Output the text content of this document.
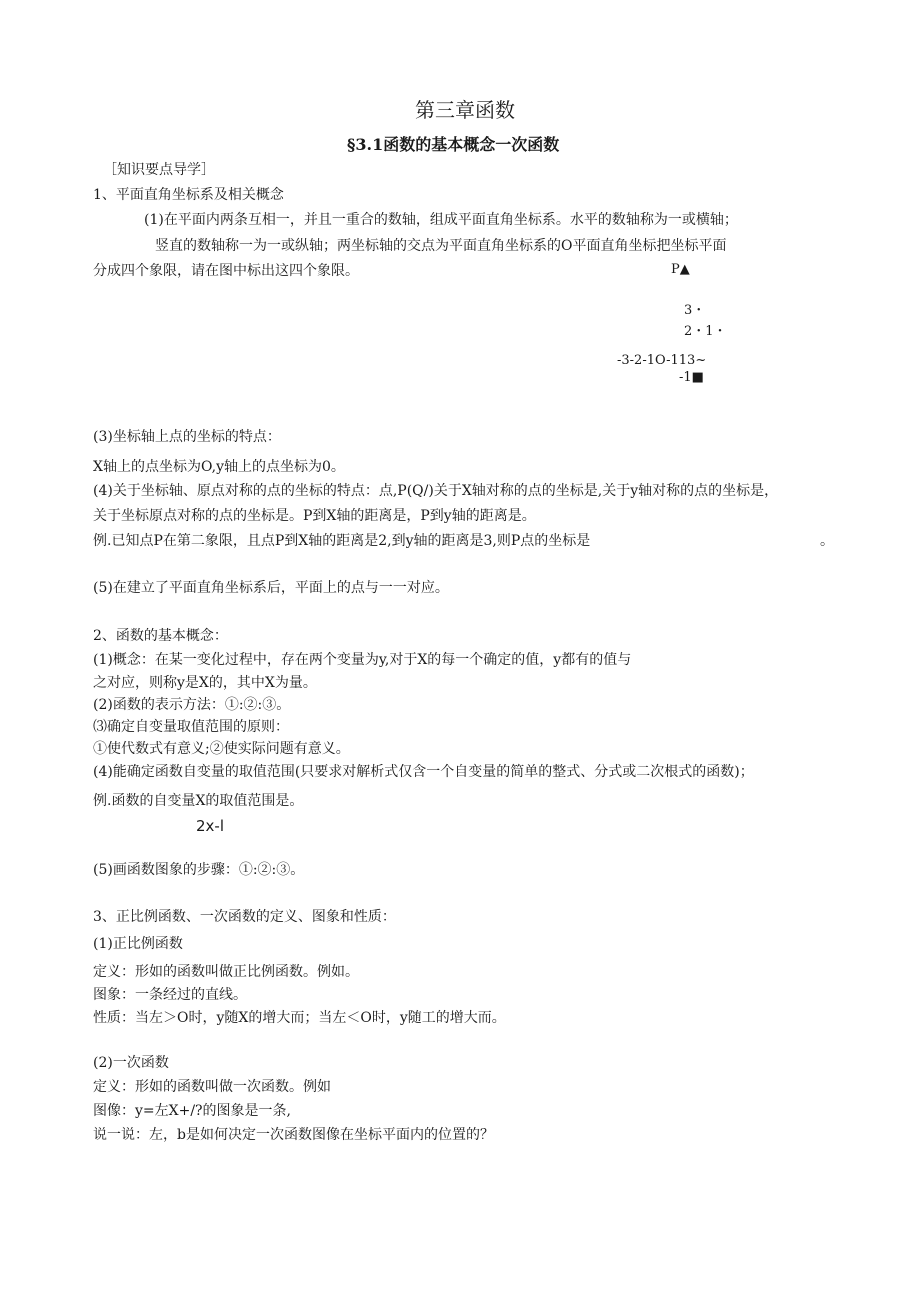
第三章函数
§3.1函数的基本概念一次函数
［知识要点导学］
1、平面直角坐标系及相关概念
(1)在平面内两条互相一，并且一重合的数轴，组成平面直角坐标系。水平的数轴称为一或横轴；
竖直的数轴称一为一或纵轴；两坐标轴的交点为平面直角坐标系的O平面直角坐标把坐标平面
分成四个象限，请在图中标出这四个象限。	P▲
3・
2・1・
-3-2-1O-113~
-1■
(3)坐标轴上点的坐标的特点：
X轴上的点坐标为O,y轴上的点坐标为0。
(4)关于坐标轴、原点对称的点的坐标的特点：点,P(Q/)关于X轴对称的点的坐标是,关于y轴对称的点的坐标是，
关于坐标原点对称的点的坐标是。P到X轴的距离是，P到y轴的距离是。
例.已知点P在第二象限，且点P到X轴的距离是2,到y轴的距离是3,则P点的坐标是	。
(5)在建立了平面直角坐标系后，平面上的点与一一对应。
2、函数的基本概念：
(1)概念：在某一变化过程中，存在两个变量为y,对于X的每一个确定的值，y都有的值与
之对应，则称y是X的，其中X为量。
(2)函数的表示方法：①:②:③。
⑶确定自变量取值范围的原则：
①使代数式有意义;②使实际问题有意义。
(4)能确定函数自变量的取值范围(只要求对解析式仅含一个自变量的简单的整式、分式或二次根式的函数)；
例.函数的自变量X的取值范围是。
2x-l
(5)画函数图象的步骤：①:②:③。
3、正比例函数、一次函数的定义、图象和性质：
(1)正比例函数
定义：形如的函数叫做正比例函数。例如。
图象：一条经过的直线。
性质：当左＞O时，y随X的增大而；当左＜O时，y随工的增大而。
(2)一次函数
定义：形如的函数叫做一次函数。例如
图像：y=左X+/?的图象是一条,
说一说：左，b是如何决定一次函数图像在坐标平面内的位置的？
